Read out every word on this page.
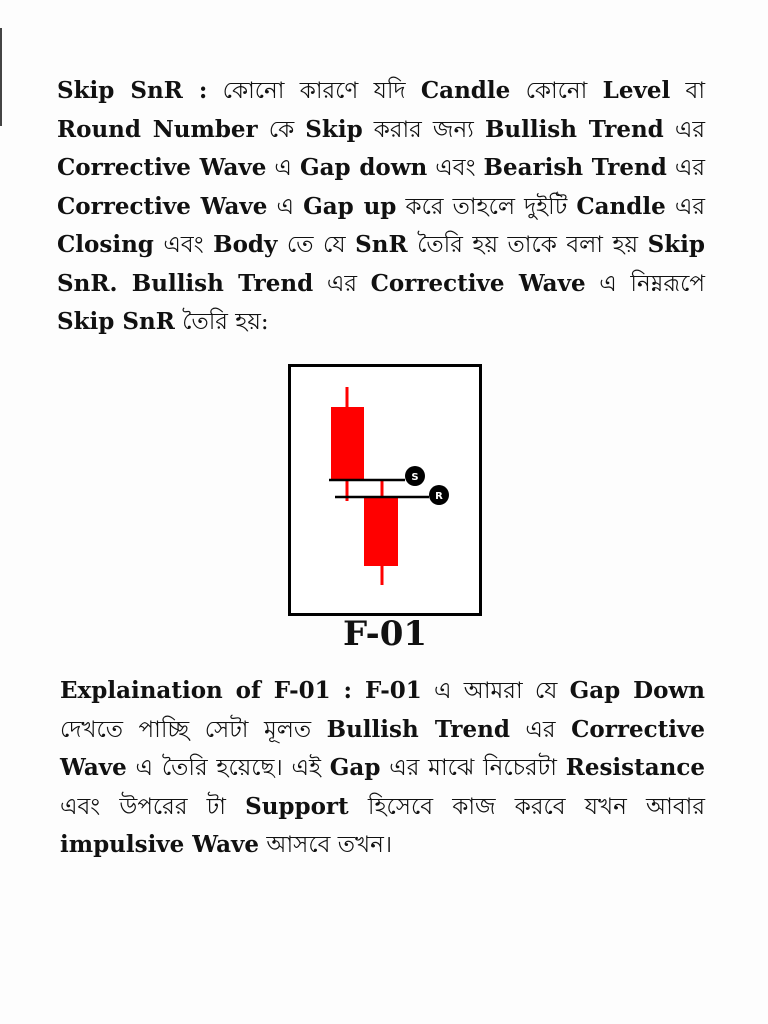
Skip SnR : কোনো কারণে যদি Candle কোনো Level বা Round Number কে Skip করার জন্য Bullish Trend এর Corrective Wave এ Gap down এবং Bearish Trend এর Corrective Wave এ Gap up করে তাহলে দুইটি Candle এর Closing এবং Body তে যে SnR তৈরি হয় তাকে বলা হয় Skip SnR. Bullish Trend এর Corrective Wave এ নিম্নরূপে Skip SnR তৈরি হয়:

S
R
F-01

Explaination of F-01 : F-01 এ আমরা যে Gap Down দেখতে পাচ্ছি সেটা মূলত Bullish Trend এর Corrective Wave এ তৈরি হয়েছে। এই Gap এর মাঝে নিচেরটা Resistance এবং উপরের টা Support হিসেবে কাজ করবে যখন আবার impulsive Wave আসবে তখন।
